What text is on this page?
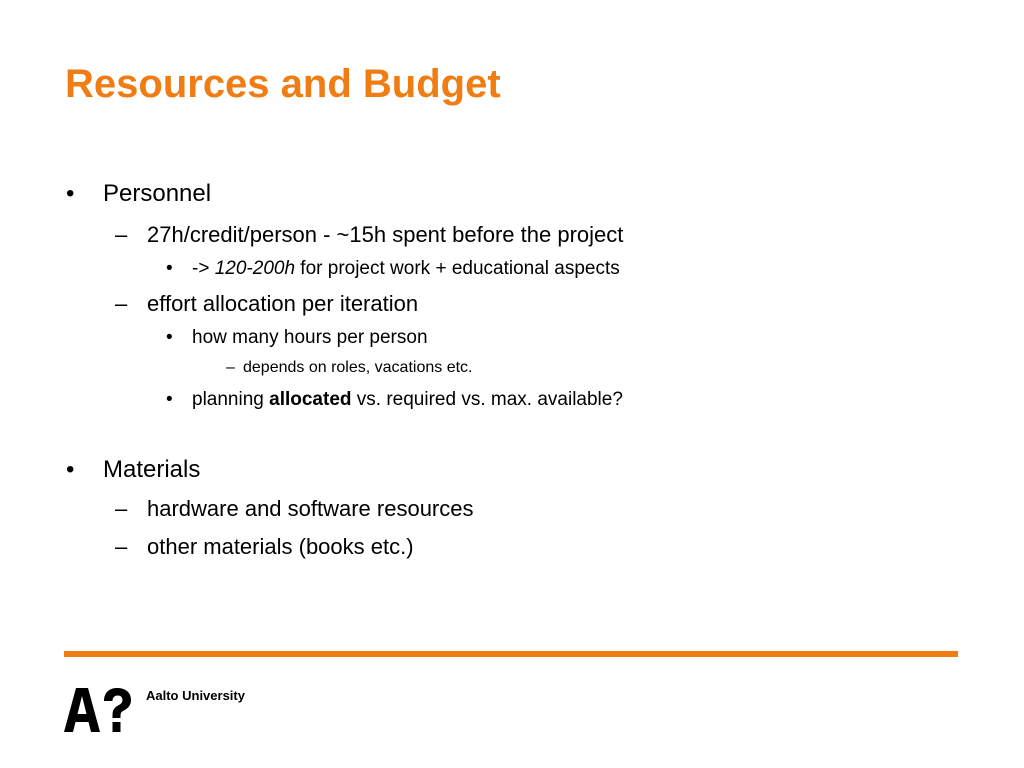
Resources and Budget
• Personnel
– 27h/credit/person - ~15h spent before the project
• -> 120-200h for project work + educational aspects
– effort allocation per iteration
• how many hours per person
– depends on roles, vacations etc.
• planning allocated vs. required vs. max. available?
• Materials
– hardware and software resources
– other materials (books etc.)
Aalto University
